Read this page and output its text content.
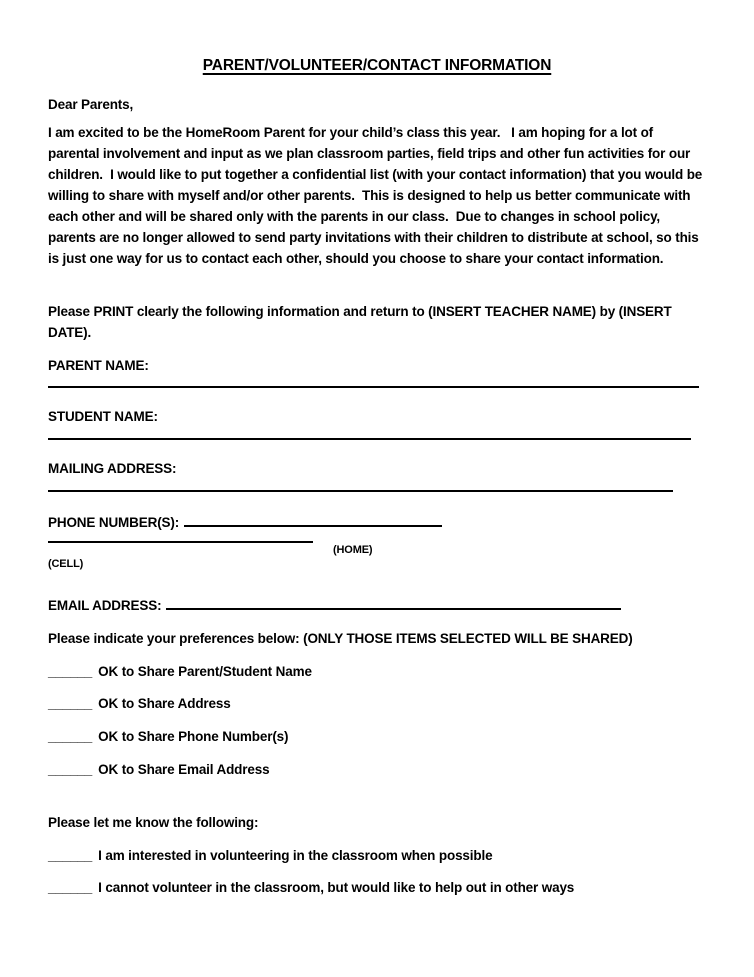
PARENT/VOLUNTEER/CONTACT INFORMATION

Dear Parents,

I am excited to be the HomeRoom Parent for your child’s class this year.   I am hoping for a lot of parental involvement and input as we plan classroom parties, field trips and other fun activities for our children.  I would like to put together a confidential list (with your contact information) that you would be willing to share with myself and/or other parents.  This is designed to help us better communicate with each other and will be shared only with the parents in our class.  Due to changes in school policy, parents are no longer allowed to send party invitations with their children to distribute at school, so this is just one way for us to contact each other, should you choose to share your contact information.

Please PRINT clearly the following information and return to (INSERT TEACHER NAME) by (INSERT DATE).

PARENT NAME:

STUDENT NAME:

MAILING ADDRESS:

PHONE NUMBER(S):

(HOME)

(CELL)

EMAIL ADDRESS:

Please indicate your preferences below: (ONLY THOSE ITEMS SELECTED WILL BE SHARED)

______ OK to Share Parent/Student Name

______ OK to Share Address

______ OK to Share Phone Number(s)

______ OK to Share Email Address

Please let me know the following:

______ I am interested in volunteering in the classroom when possible

______ I cannot volunteer in the classroom, but would like to help out in other ways
